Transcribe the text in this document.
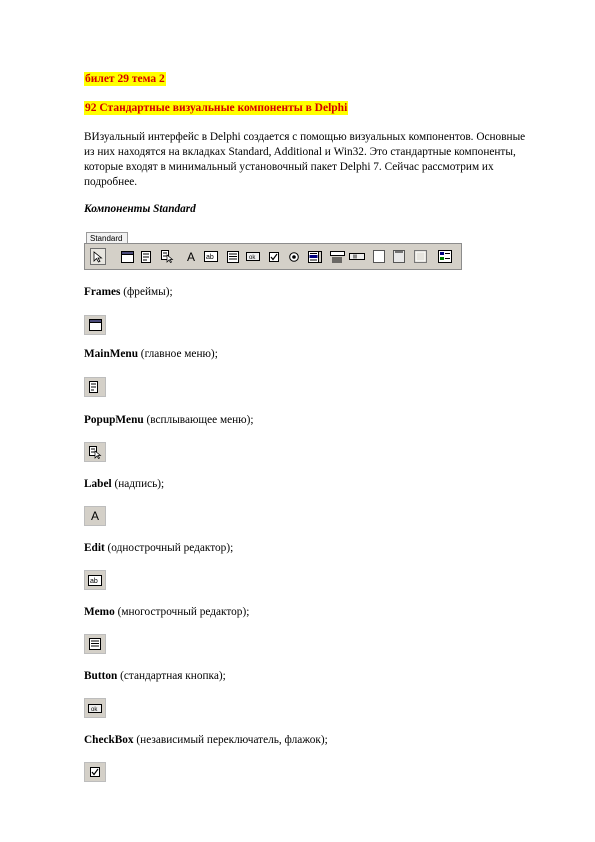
билет 29 тема 2
92 Стандартные визуальные компоненты в Delphi
ВИзуальный интерфейс в Delphi создается с помощью визуальных компонентов. Основные
из них находятся на вкладках Standard, Additional и Win32. Это стандартные компоненты,
которые входят в минимальный установочный пакет Delphi 7. Сейчас рассмотрим их
подробнее.
Компоненты Standard
Standard
A	ab	ok
Frames (фреймы);
MainMenu (главное меню);
PopupMenu (всплывающее меню);
Label (надпись);
A
Edit (однострочный редактор);
ab
Memo (многострочный редактор);
Button (стандартная кнопка);
ok
CheckBox (независимый переключатель, флажок);
